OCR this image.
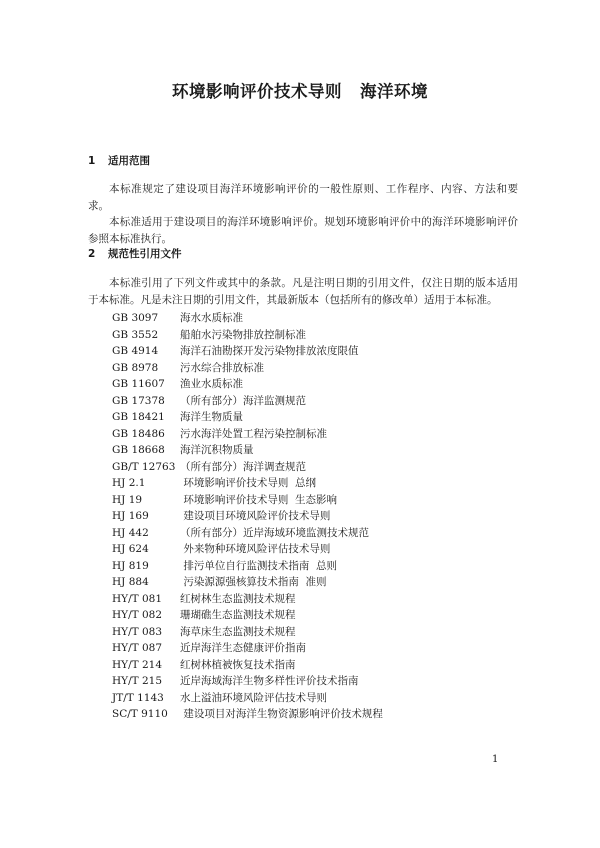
环境影响评价技术导则 海洋环境
1 适用范围

本标准规定了建设项目海洋环境影响评价的一般性原则、工作程序、内容、方法和要求。

本标准适用于建设项目的海洋环境影响评价。规划环境影响评价中的海洋环境影响评价参照本标准执行。

2 规范性引用文件

本标准引用了下列文件或其中的条款。凡是注明日期的引用文件，仅注日期的版本适用于本标准。凡是未注日期的引用文件，其最新版本（包括所有的修改单）适用于本标准。

GB 3097 海水水质标准
GB 3552 船舶水污染物排放控制标准
GB 4914 海洋石油勘探开发污染物排放浓度限值
GB 8978 污水综合排放标准
GB 11607 渔业水质标准
GB 17378 （所有部分）海洋监测规范
GB 18421 海洋生物质量
GB 18486 污水海洋处置工程污染控制标准
GB 18668 海洋沉积物质量
GB/T 12763 （所有部分）海洋调查规范
HJ 2.1	环境影响评价技术导则  总纲
HJ 19	环境影响评价技术导则  生态影响
HJ 169	建设项目环境风险评价技术导则
HJ 442	（所有部分）近岸海域环境监测技术规范
HJ 624	外来物种环境风险评估技术导则
HJ 819	排污单位自行监测技术指南  总则
HJ 884	污染源源强核算技术指南  准则
HY/T 081 红树林生态监测技术规程
HY/T 082 珊瑚礁生态监测技术规程
HY/T 083 海草床生态监测技术规程
HY/T 087 近岸海洋生态健康评价指南
HY/T 214 红树林植被恢复技术指南
HY/T 215 近岸海域海洋生物多样性评价技术指南
JT/T 1143 水上溢油环境风险评估技术导则
SC/T 9110 建设项目对海洋生物资源影响评价技术规程
1
